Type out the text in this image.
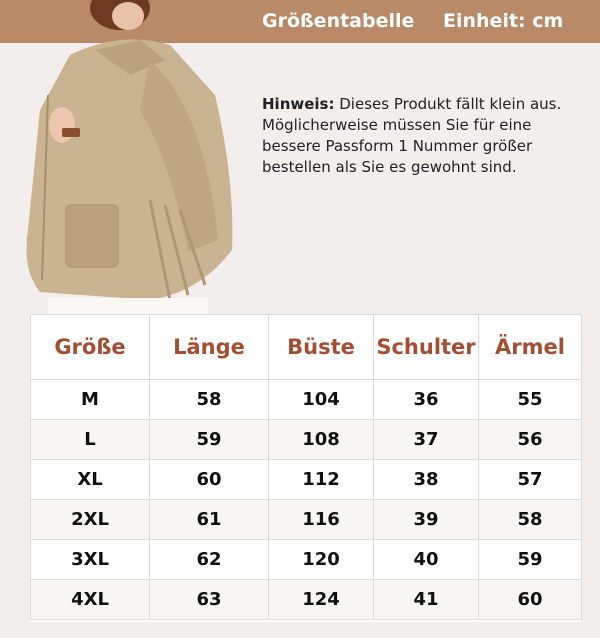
Größentabelle Einheit: cm
Hinweis: Dieses Produkt fällt klein aus. Möglicherweise müssen Sie für eine bessere Passform 1 Nummer größer bestellen als Sie es gewohnt sind.
Größe	Länge	Büste	Schulter	Ärmel
M	58	104	36	55
L	59	108	37	56
XL	60	112	38	57
2XL	61	116	39	58
3XL	62	120	40	59
4XL	63	124	41	60
